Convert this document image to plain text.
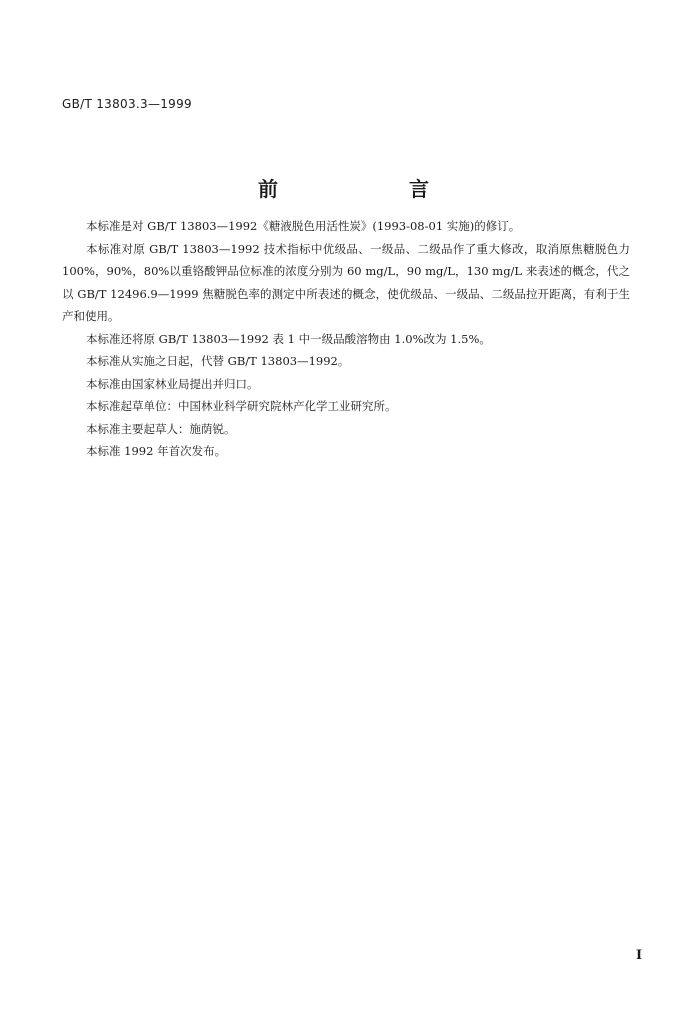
GB/T 13803.3—1999
前 言

本标准是对 GB/T 13803—1992《糖液脱色用活性炭》(1993-08-01 实施)的修订。

本标准对原 GB/T 13803—1992 技术指标中优级品、一级品、二级品作了重大修改，取消原焦糖脱色力 100%，90%，80%以重铬酸钾品位标准的浓度分别为 60 mg/L，90 mg/L，130 mg/L 来表述的概念，代之以 GB/T 12496.9—1999 焦糖脱色率的测定中所表述的概念，使优级品、一级品、二级品拉开距离，有利于生产和使用。

本标准还将原 GB/T 13803—1992 表 1 中一级品酸溶物由 1.0%改为 1.5%。

本标准从实施之日起，代替 GB/T 13803—1992。

本标准由国家林业局提出并归口。

本标准起草单位：中国林业科学研究院林产化学工业研究所。

本标准主要起草人：施荫锐。

本标准 1992 年首次发布。

I
